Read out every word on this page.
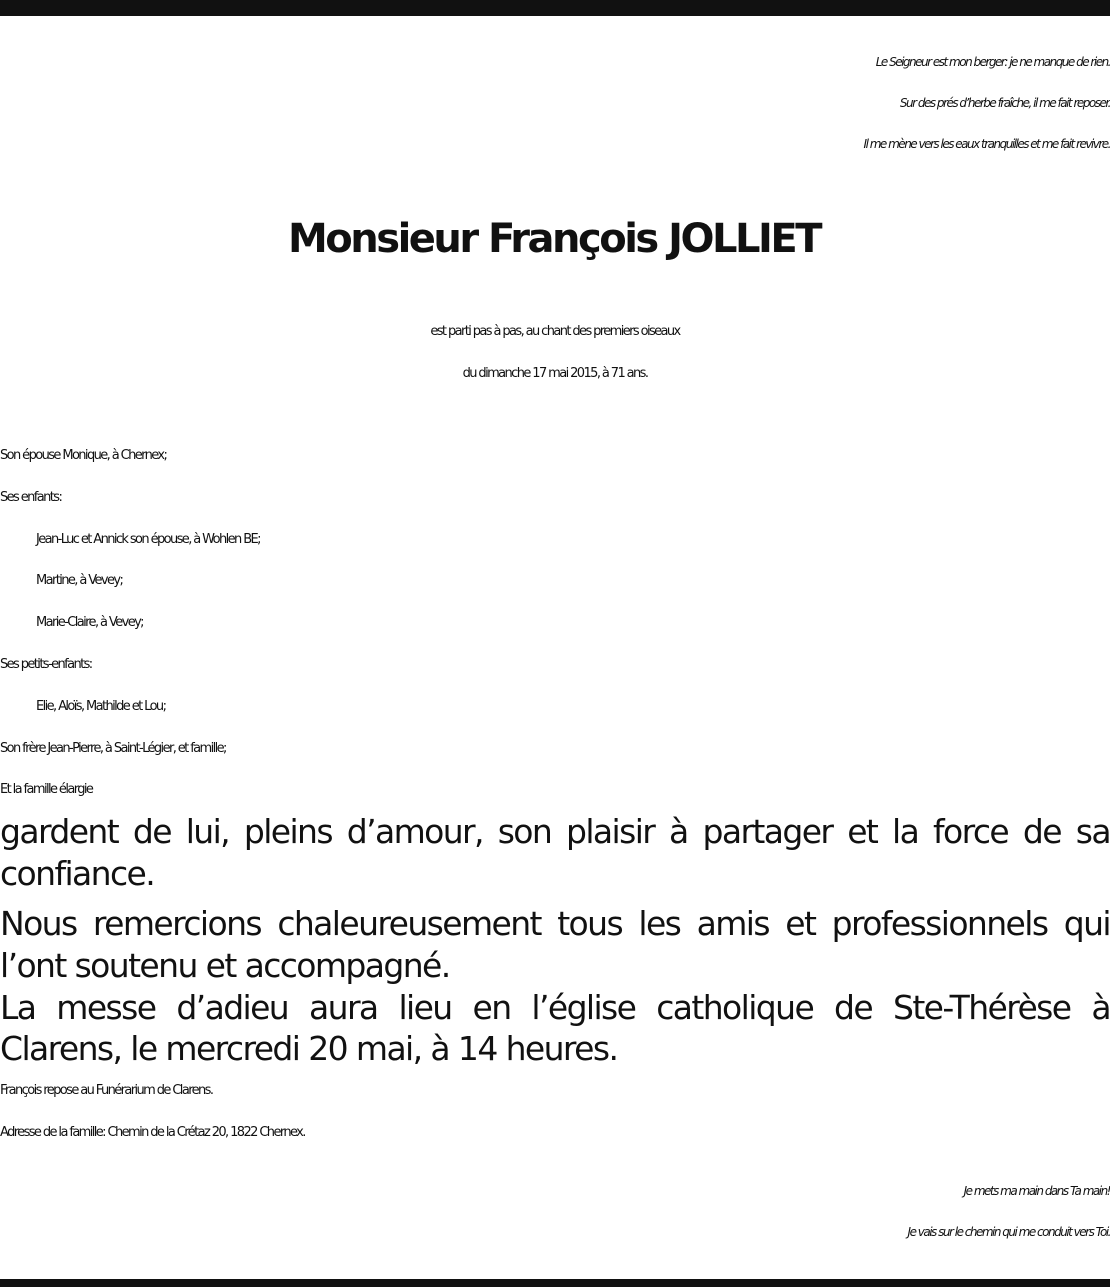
Le Seigneur est mon berger: je ne manque de rien.
Sur des prés d’herbe fraîche, il me fait reposer.
Il me mène vers les eaux tranquilles et me fait revivre.
Monsieur François JOLLIET
est parti pas à pas, au chant des premiers oiseaux
du dimanche 17 mai 2015, à 71 ans.
Son épouse Monique, à Chernex;
Ses enfants:
Jean-Luc et Annick son épouse, à Wohlen BE;
Martine, à Vevey;
Marie-Claire, à Vevey;
Ses petits-enfants:
Elie, Aloïs, Mathilde et Lou;
Son frère Jean-Pierre, à Saint-Légier, et famille;
Et la famille élargie
gardent de lui, pleins d’amour, son plaisir à partager et la force de sa confiance.
Nous remercions chaleureusement tous les amis et professionnels qui l’ont soutenu et accompagné.
La messe d’adieu aura lieu en l’église catholique de Ste-Thérèse à Clarens, le mercredi 20 mai, à 14 heures.
François repose au Funérarium de Clarens.
Adresse de la famille: Chemin de la Crétaz 20, 1822 Chernex.
Je mets ma main dans Ta main!
Je vais sur le chemin qui me conduit vers Toi.
